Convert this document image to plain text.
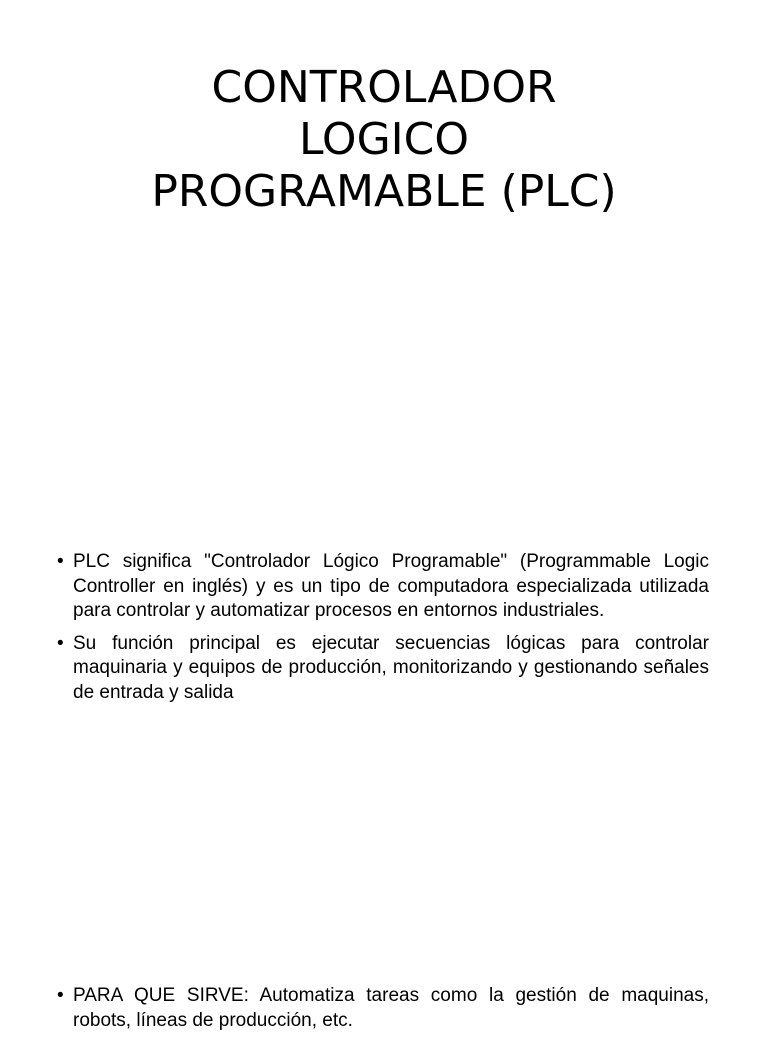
CONTROLADOR
LOGICO
PROGRAMABLE (PLC)
• PLC significa "Controlador Lógico Programable" (Programmable Logic Controller en inglés) y es un tipo de computadora especializada utilizada para controlar y automatizar procesos en entornos industriales.
• Su función principal es ejecutar secuencias lógicas para controlar maquinaria y equipos de producción, monitorizando y gestionando señales de entrada y salida
• PARA QUE SIRVE: Automatiza tareas como la gestión de maquinas, robots, líneas de producción, etc.
